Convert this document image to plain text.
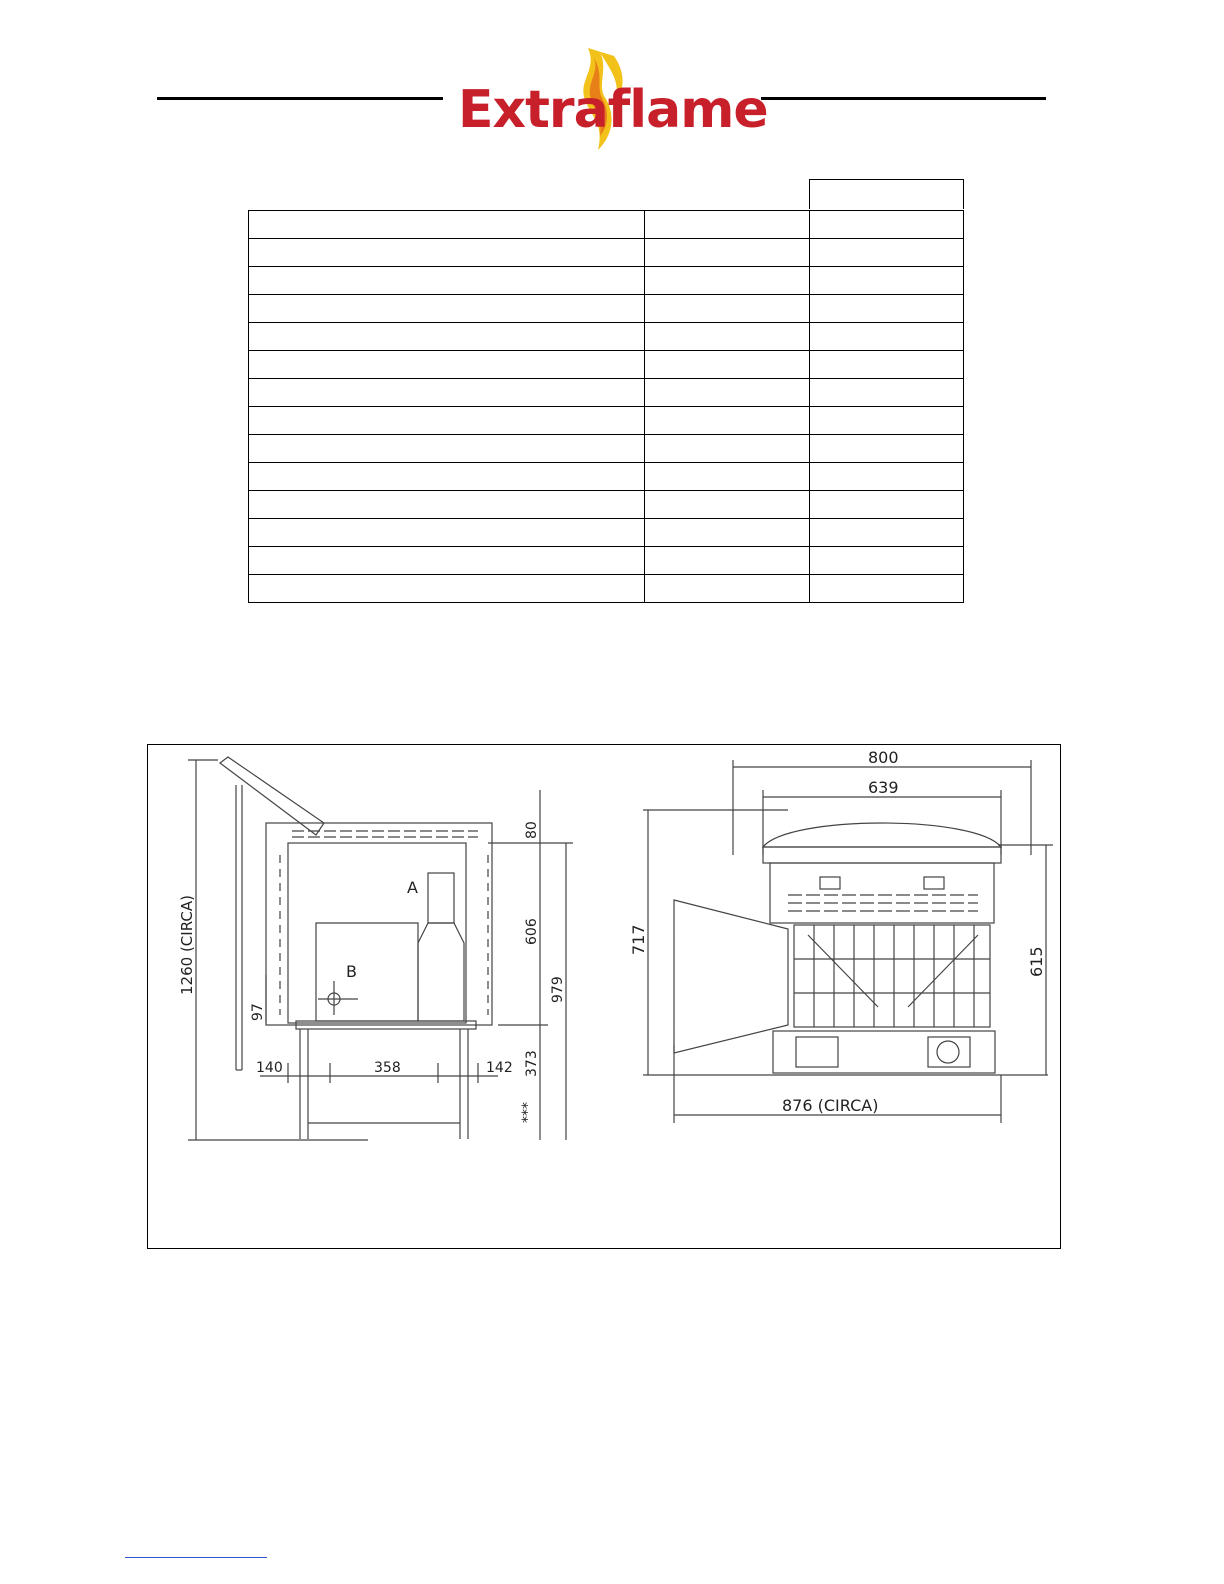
Extraflame

1260 (CIRCA)
80
606
979
373
***
97
140	358	142
A
B
800
639
717
615
876 (CIRCA)
